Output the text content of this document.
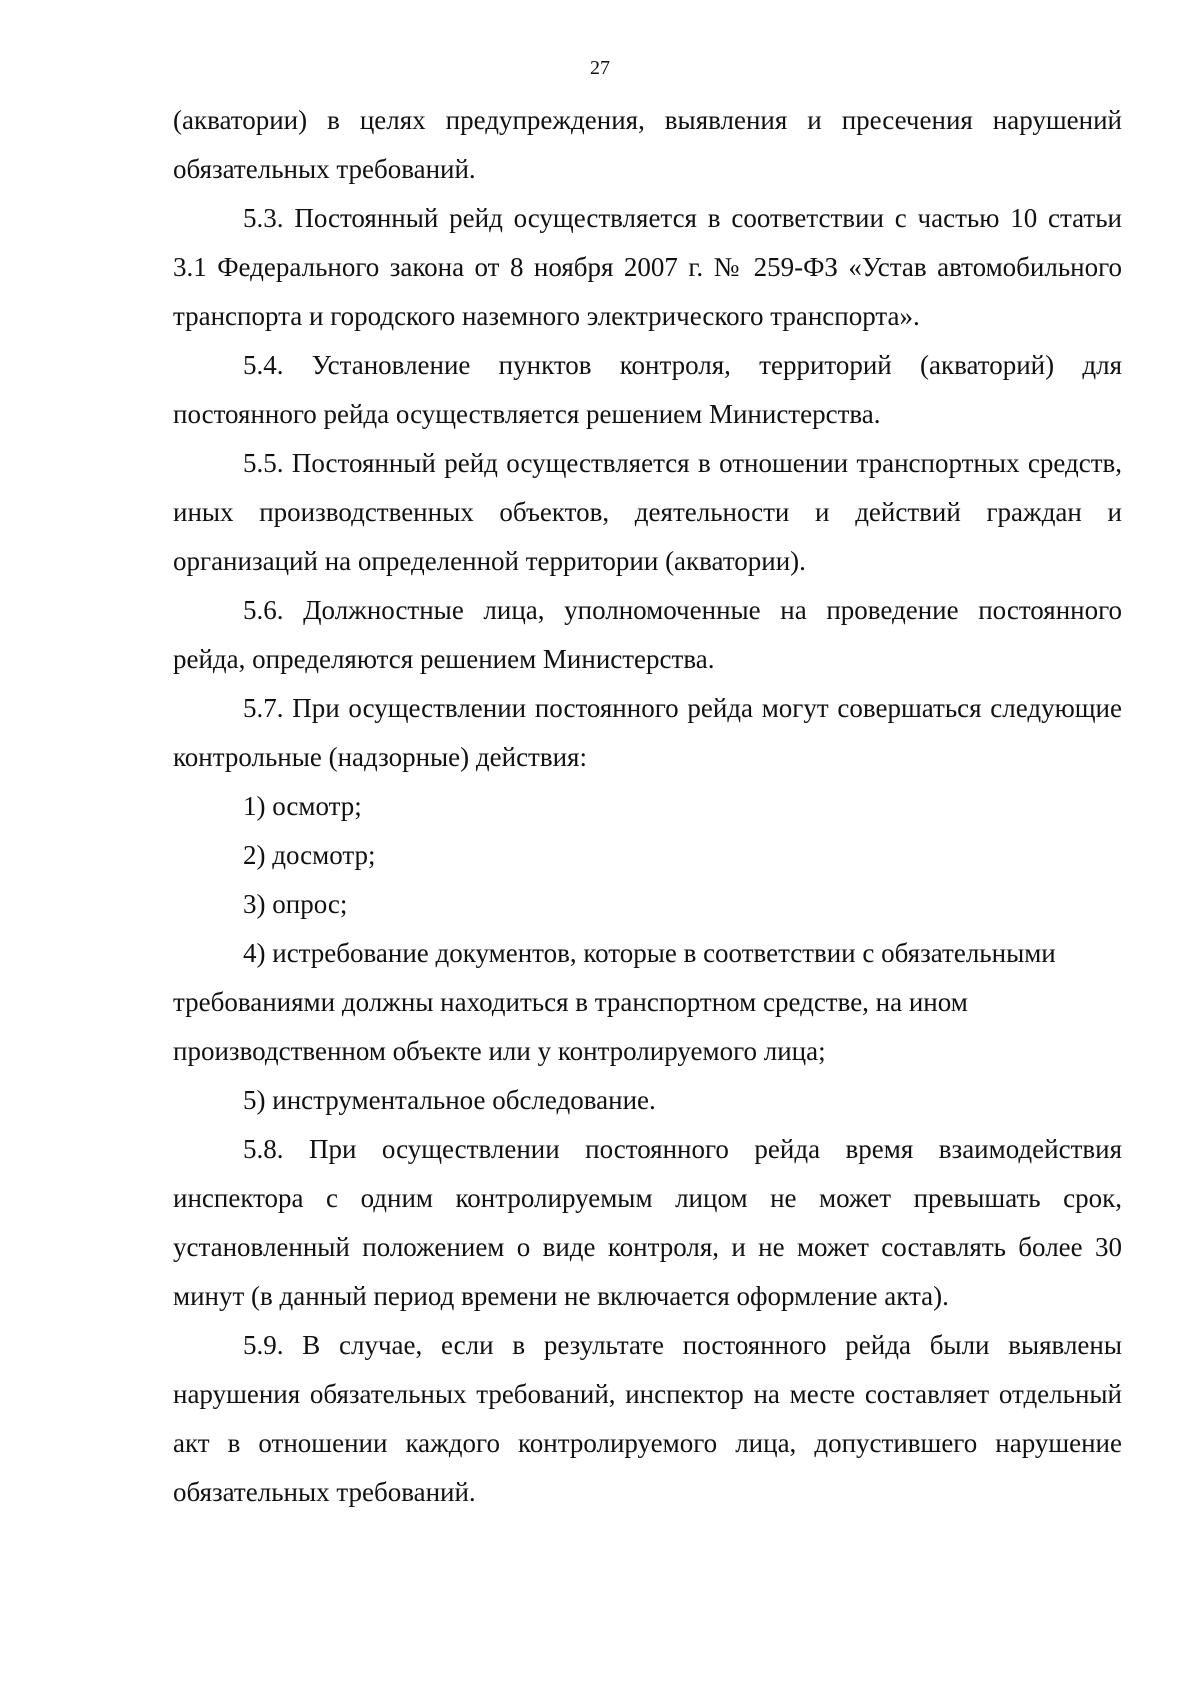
27

(акватории) в целях предупреждения, выявления и пресечения нарушений обязательных требований.

5.3. Постоянный рейд осуществляется в соответствии с частью 10 статьи 3.1 Федерального закона от 8 ноября 2007 г. № 259-ФЗ «Устав автомобильного транспорта и городского наземного электрического транспорта».

5.4. Установление пунктов контроля, территорий (акваторий) для постоянного рейда осуществляется решением Министерства.

5.5. Постоянный рейд осуществляется в отношении транспортных средств, иных производственных объектов, деятельности и действий граждан и организаций на определенной территории (акватории).

5.6. Должностные лица, уполномоченные на проведение постоянного рейда, определяются решением Министерства.

5.7. При осуществлении постоянного рейда могут совершаться следующие контрольные (надзорные) действия:

1) осмотр;

2) досмотр;

3) опрос;

4) истребование документов, которые в соответствии с обязательными

требованиями должны находиться в транспортном средстве, на ином

производственном объекте или у контролируемого лица;

5) инструментальное обследование.

5.8. При осуществлении постоянного рейда время взаимодействия инспектора с одним контролируемым лицом не может превышать срок, установленный положением о виде контроля, и не может составлять более 30 минут (в данный период времени не включается оформление акта).

5.9. В случае, если в результате постоянного рейда были выявлены нарушения обязательных требований, инспектор на месте составляет отдельный акт в отношении каждого контролируемого лица, допустившего нарушение обязательных требований.
